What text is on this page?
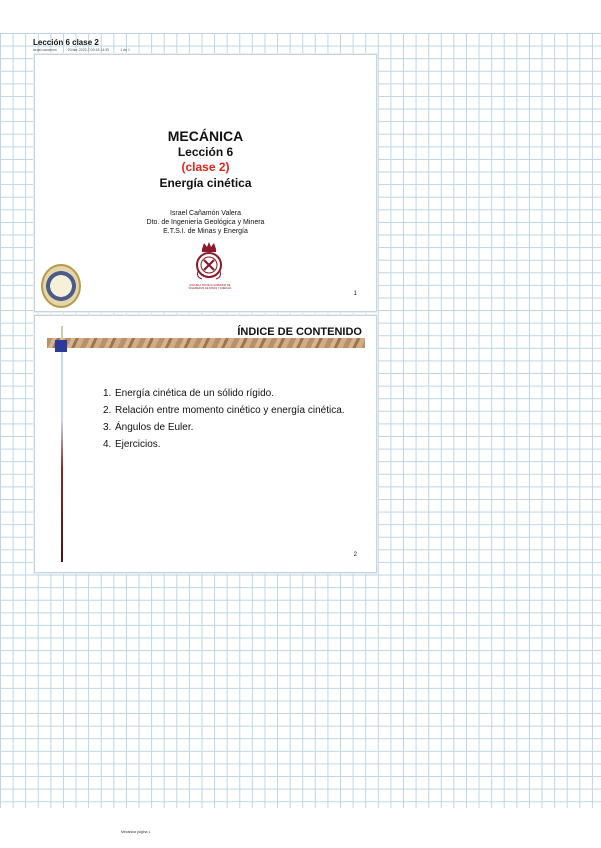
Lección 6 clase 2
israel.canamon	20/abr-2023-7:09:18 14:35	1 de 1
MECÁNICA
Lección 6
(clase 2)
Energía cinética
Israel Cañamón Valera
Dto. de Ingeniería Geológica y Minera
E.T.S.I. de Minas y Energía
ESCUELA TÉCNICA SUPERIOR DE INGENIEROS DE MINAS Y ENERGÍA
1
ÍNDICE DE CONTENIDO
1. Energía cinética de un sólido rígido.
2. Relación entre momento cinético y energía cinética.
3. Ángulos de Euler.
4. Ejercicios.
2
Mecánica página 1
